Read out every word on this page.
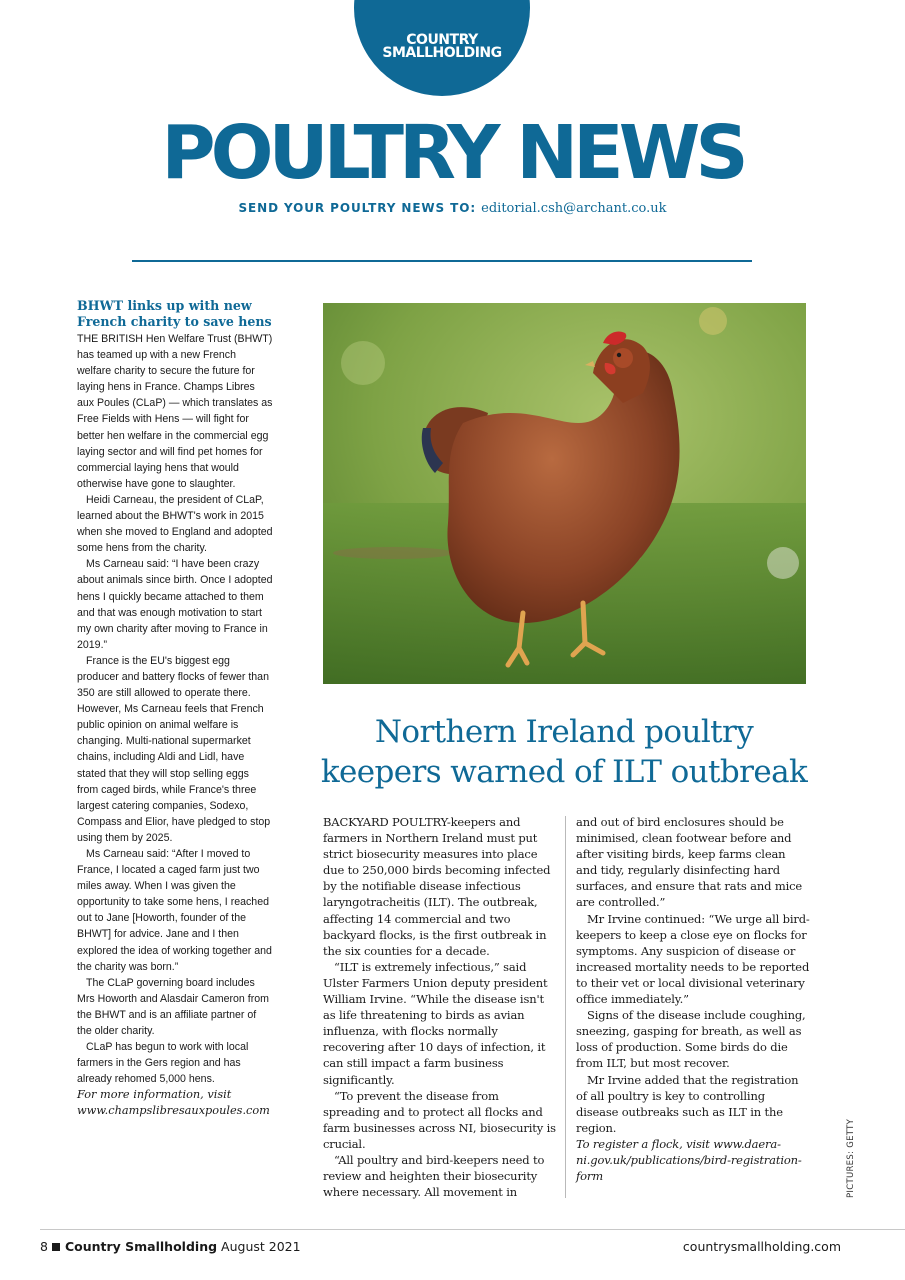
COUNTRY
SMALLHOLDING
POULTRY NEWS
SEND YOUR POULTRY NEWS TO: editorial.csh@archant.co.uk
BHWT links up with new French charity to save hens

THE BRITISH Hen Welfare Trust (BHWT) has teamed up with a new French welfare charity to secure the future for laying hens in France. Champs Libres aux Poules (CLaP) — which translates as Free Fields with Hens — will fight for better hen welfare in the commercial egg laying sector and will find pet homes for commercial laying hens that would otherwise have gone to slaughter.

Heidi Carneau, the president of CLaP, learned about the BHWT's work in 2015 when she moved to England and adopted some hens from the charity.

Ms Carneau said: “I have been crazy about animals since birth. Once I adopted hens I quickly became attached to them and that was enough motivation to start my own charity after moving to France in 2019.”

France is the EU's biggest egg producer and battery flocks of fewer than 350 are still allowed to operate there. However, Ms Carneau feels that French public opinion on animal welfare is changing. Multi-national supermarket chains, including Aldi and Lidl, have stated that they will stop selling eggs from caged birds, while France's three largest catering companies, Sodexo, Compass and Elior, have pledged to stop using them by 2025.

Ms Carneau said: “After I moved to France, I located a caged farm just two miles away. When I was given the opportunity to take some hens, I reached out to Jane [Howorth, founder of the BHWT] for advice. Jane and I then explored the idea of working together and the charity was born.”

The CLaP governing board includes Mrs Howorth and Alasdair Cameron from the BHWT and is an affiliate partner of the older charity.

CLaP has begun to work with local farmers in the Gers region and has already rehomed 5,000 hens.

For more information, visit www.champslibresauxpoules.com
Northern Ireland poultry keepers warned of ILT outbreak

BACKYARD POULTRY-keepers and farmers in Northern Ireland must put strict biosecurity measures into place due to 250,000 birds becoming infected by the notifiable disease infectious laryngotracheitis (ILT). The outbreak, affecting 14 commercial and two backyard flocks, is the first outbreak in the six counties for a decade.

“ILT is extremely infectious,” said Ulster Farmers Union deputy president William Irvine. “While the disease isn't as life threatening to birds as avian influenza, with flocks normally recovering after 10 days of infection, it can still impact a farm business significantly.

“To prevent the disease from spreading and to protect all flocks and farm businesses across NI, biosecurity is crucial.

“All poultry and bird-keepers need to review and heighten their biosecurity where necessary. All movement in

and out of bird enclosures should be minimised, clean footwear before and after visiting birds, keep farms clean and tidy, regularly disinfecting hard surfaces, and ensure that rats and mice are controlled.”

Mr Irvine continued: “We urge all bird-keepers to keep a close eye on flocks for symptoms. Any suspicion of disease or increased mortality needs to be reported to their vet or local divisional veterinary office immediately.”

Signs of the disease include coughing, sneezing, gasping for breath, as well as loss of production. Some birds do die from ILT, but most recover.

Mr Irvine added that the registration of all poultry is key to controlling disease outbreaks such as ILT in the region.

To register a flock, visit www.daera-ni.gov.uk/publications/bird-registration-form	PICTURES: GETTY
8 Country Smallholding August 2021	countrysmallholding.com
